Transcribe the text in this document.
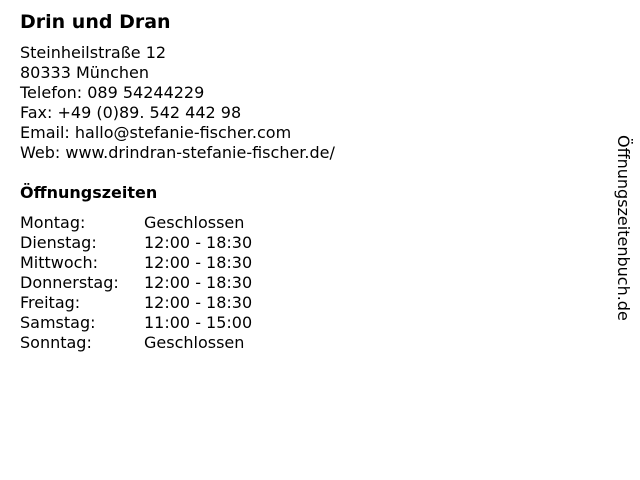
Drin und Dran
Steinheilstraße 12
80333 München
Telefon: 089 54244229
Fax: +49 (0)89. 542 442 98
Email: hallo@stefanie-fischer.com
Web: www.drindran-stefanie-fischer.de/
Öffnungszeiten
Montag:	Geschlossen
Dienstag:	12:00 - 18:30
Mittwoch:	12:00 - 18:30
Donnerstag:	12:00 - 18:30
Freitag:	12:00 - 18:30
Samstag:	11:00 - 15:00
Sonntag:	Geschlossen
Öffnungszeitenbuch.de
